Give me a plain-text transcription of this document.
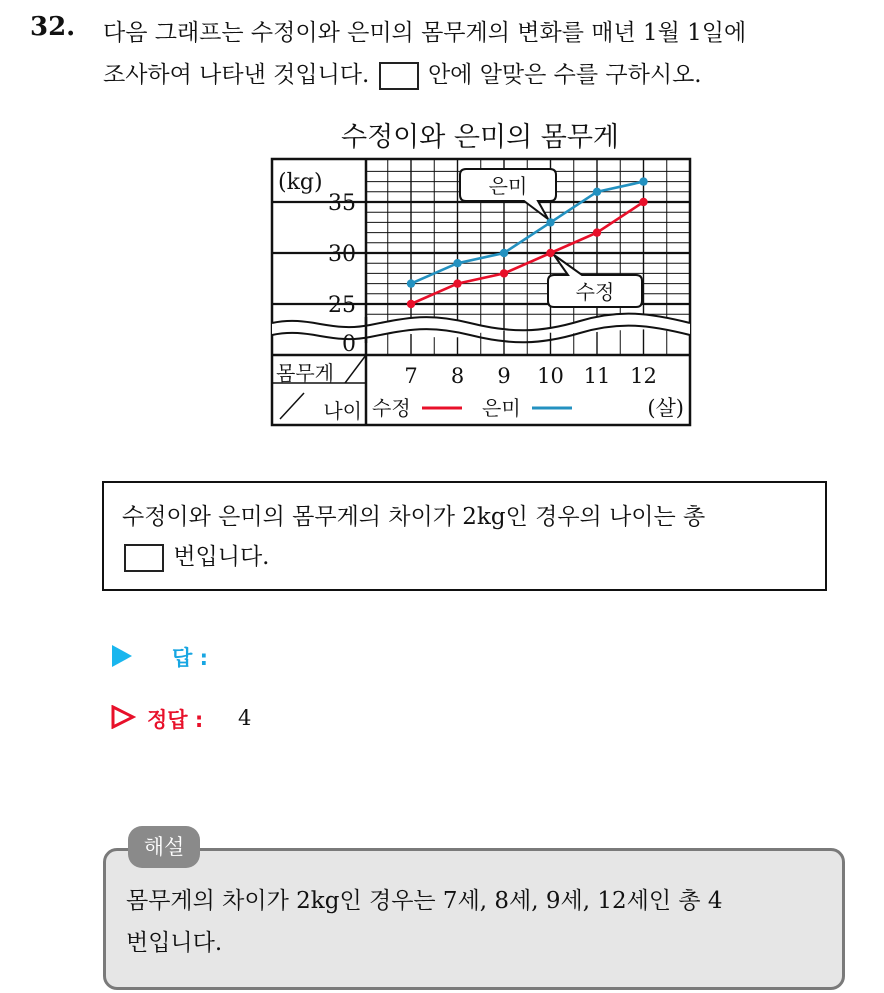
32. 다음 그래프는 수정이와 은미의 몸무게의 변화를 매년 1월 1일에
조사하여 나타낸 것입니다.	안에 알맞은 수를 구하시오.
수정이와 은미의 몸무게
(kg)
35
30
25
0
몸무게
나이
7 8 9 10 11 12
은미
수정
수정	은미	(살)
수정이와 은미의 몸무게의 차이가 2kg인 경우의 나이는 총
번입니다.
답 :
정답 : 4
해설
몸무게의 차이가 2kg인 경우는 7세, 8세, 9세, 12세인 총 4
번입니다.
